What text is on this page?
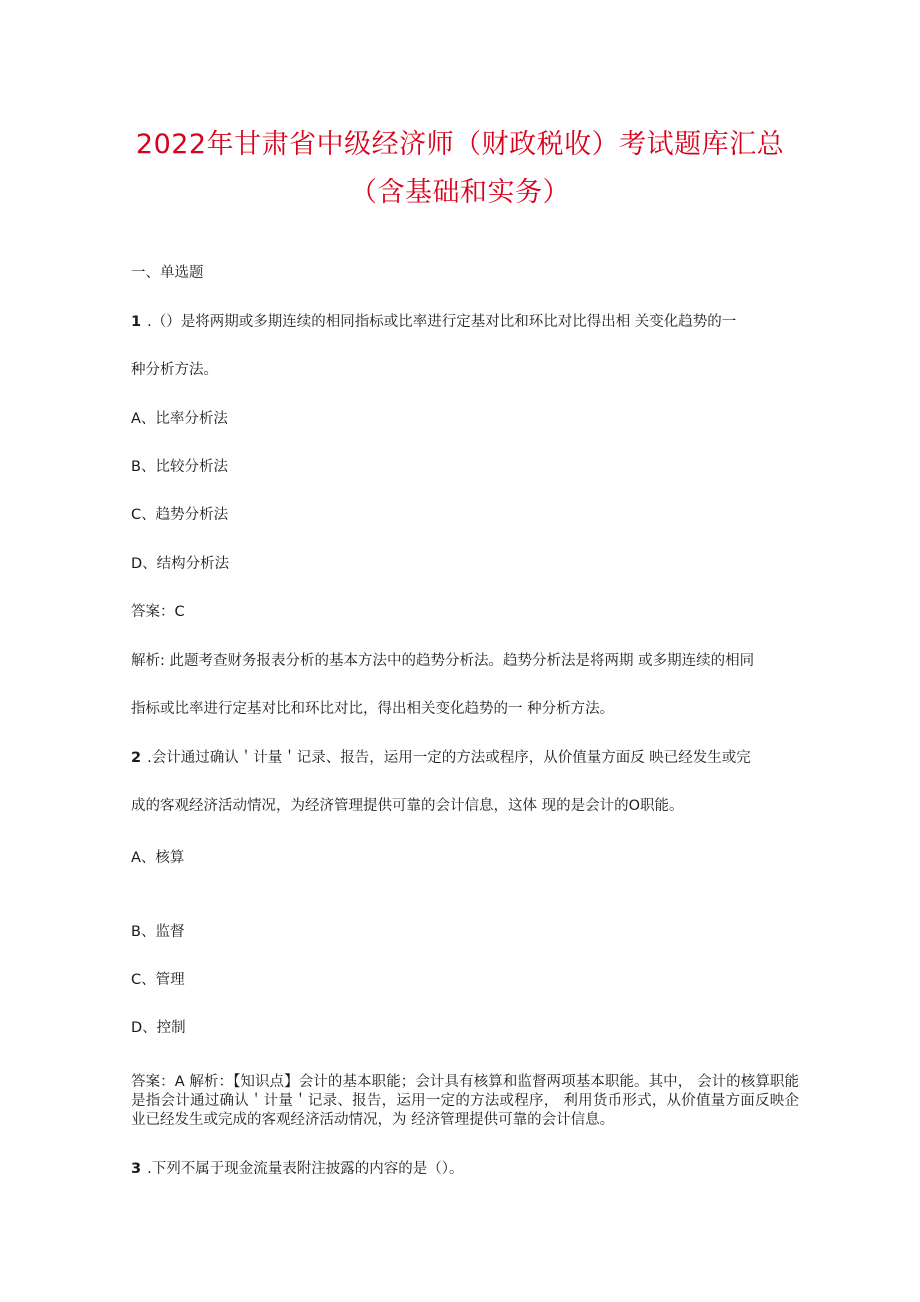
2022年甘肃省中级经济师（财政税收）考试题库汇总
（含基础和实务）

一、单选题

1 .（）是将两期或多期连续的相同指标或比率进行定基对比和环比对比得出相 关变化趋势的一

种分析方法。

A、比率分析法

B、比较分析法

C、趋势分析法

D、结构分析法

答案：C

解析: 此题考查财务报表分析的基本方法中的趋势分析法。趋势分析法是将两期 或多期连续的相同

指标或比率进行定基对比和环比对比，得出相关变化趋势的一 种分析方法。

2 .会计通过确认＇计量＇记录、报告，运用一定的方法或程序，从价值量方面反 映已经发生或完

成的客观经济活动情况，为经济管理提供可靠的会计信息，这体 现的是会计的O职能。

A、核算

B、监督

C、管理

D、控制

答案：A 解析：【知识点】会计的基本职能；会计具有核算和监督两项基本职能。其中， 会计的核算职能是指会计通过确认＇计量＇记录、报告，运用一定的方法或程序， 利用货币形式，从价值量方面反映企业已经发生或完成的客观经济活动情况，为 经济管理提供可靠的会计信息。

3 .下列不属于现金流量表附注披露的内容的是（）。
